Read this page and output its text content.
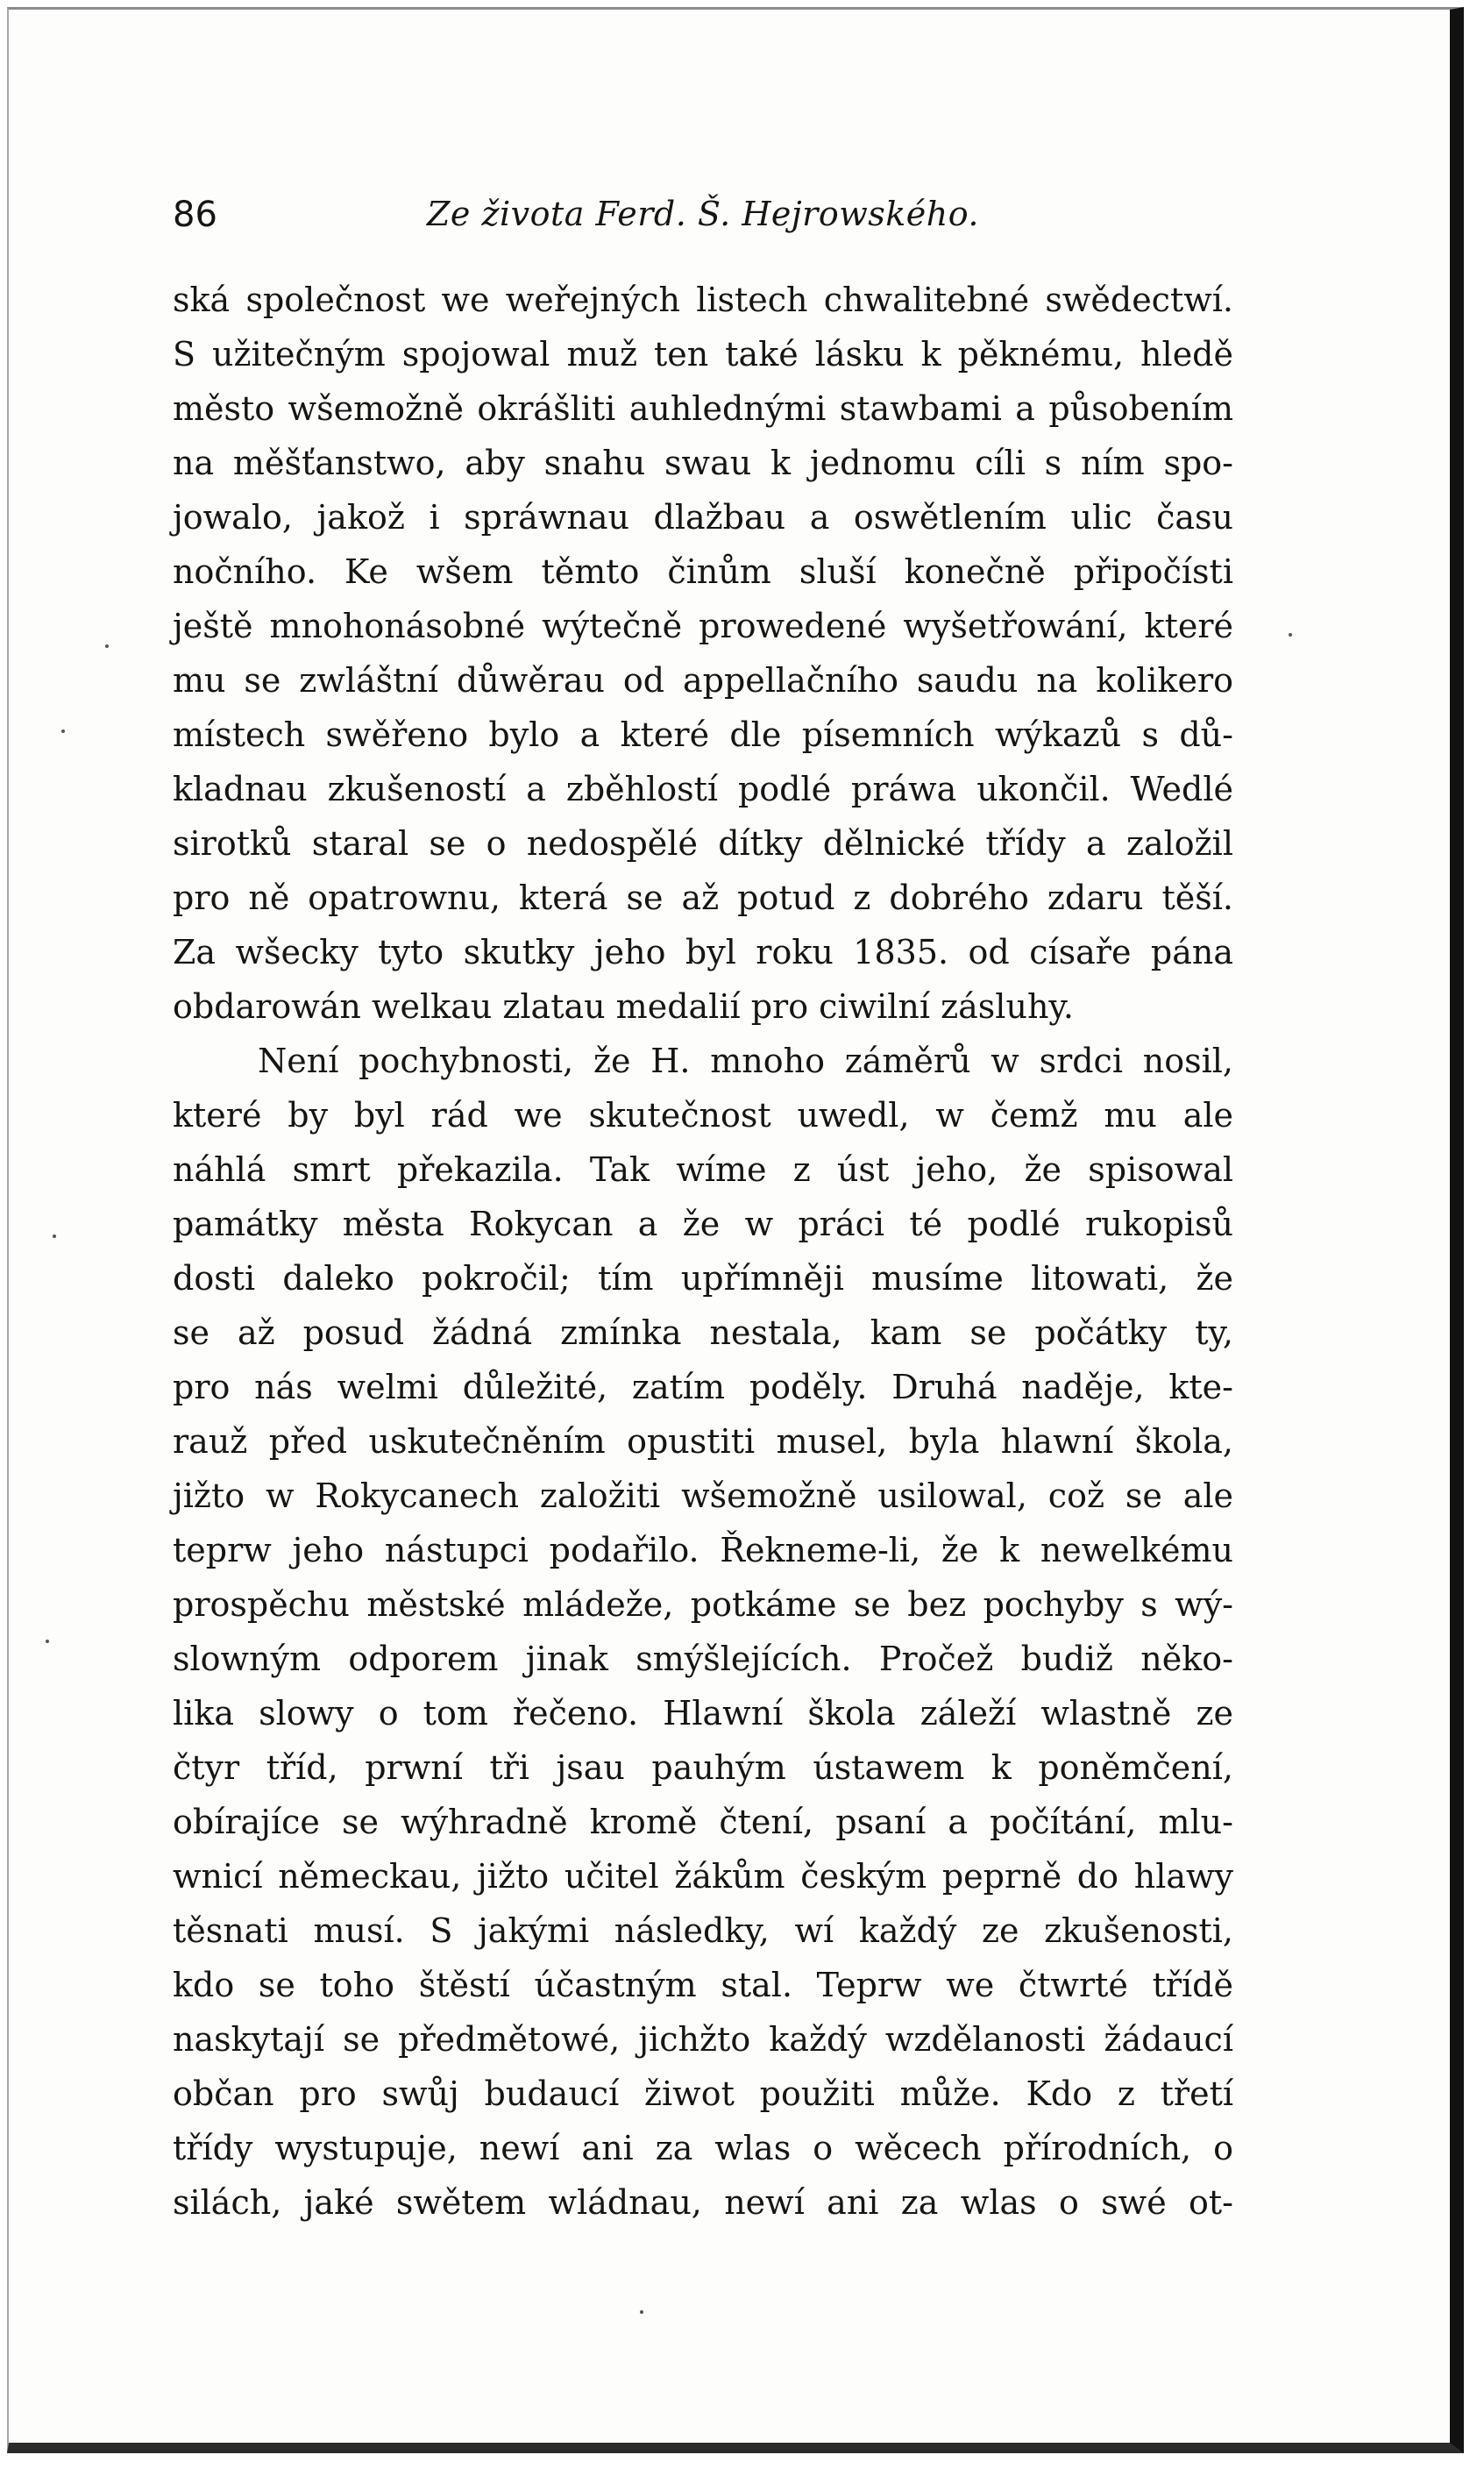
86	Ze života Ferd. Š. Hejrowského.
ská společnost we weřejných listech chwalitebné swědectwí.
S užitečným spojowal muž ten také lásku k pěknému, hledě
město wšemožně okrášliti auhlednými stawbami a působením
na měšťanstwo, aby snahu swau k jednomu cíli s ním spo-
jowalo, jakož i spráwnau dlažbau a oswětlením ulic času
nočního. Ke wšem těmto činům sluší konečně připočísti
ještě mnohonásobné wýtečně prowedené wyšetřowání, které
mu se zwláštní důwěrau od appellačního saudu na kolikero
místech swěřeno bylo a které dle písemních wýkazů s dů-
kladnau zkušeností a zběhlostí podlé práwa ukončil. Wedlé
sirotků staral se o nedospělé dítky dělnické třídy a založil
pro ně opatrownu, která se až potud z dobrého zdaru těší.
Za wšecky tyto skutky jeho byl roku 1835. od císaře pána
obdarowán welkau zlatau medalií pro ciwilní zásluhy.
Není pochybnosti, že H. mnoho záměrů w srdci nosil,
které by byl rád we skutečnost uwedl, w čemž mu ale
náhlá smrt překazila. Tak wíme z úst jeho, že spisowal
památky města Rokycan a že w práci té podlé rukopisů
dosti daleko pokročil; tím upřímněji musíme litowati, že
se až posud žádná zmínka nestala, kam se počátky ty,
pro nás welmi důležité, zatím poděly. Druhá naděje, kte-
rauž před uskutečněním opustiti musel, byla hlawní škola,
jižto w Rokycanech založiti wšemožně usilowal, což se ale
teprw jeho nástupci podařilo. Řekneme-li, že k newelkému
prospěchu městské mládeže, potkáme se bez pochyby s wý-
slowným odporem jinak smýšlejících. Pročež budiž něko-
lika slowy o tom řečeno. Hlawní škola záleží wlastně ze
čtyr tříd, prwní tři jsau pauhým ústawem k poněmčení,
obírajíce se wýhradně kromě čtení, psaní a počítání, mlu-
wnicí německau, jižto učitel žákům českým peprně do hlawy
těsnati musí. S jakými následky, wí každý ze zkušenosti,
kdo se toho štěstí účastným stal. Teprw we čtwrté třídě
naskytají se předmětowé, jichžto každý wzdělanosti žádaucí
občan pro swůj budaucí žiwot použiti může. Kdo z třetí
třídy wystupuje, newí ani za wlas o wěcech přírodních, o
silách, jaké swětem wládnau, newí ani za wlas o swé ot-
